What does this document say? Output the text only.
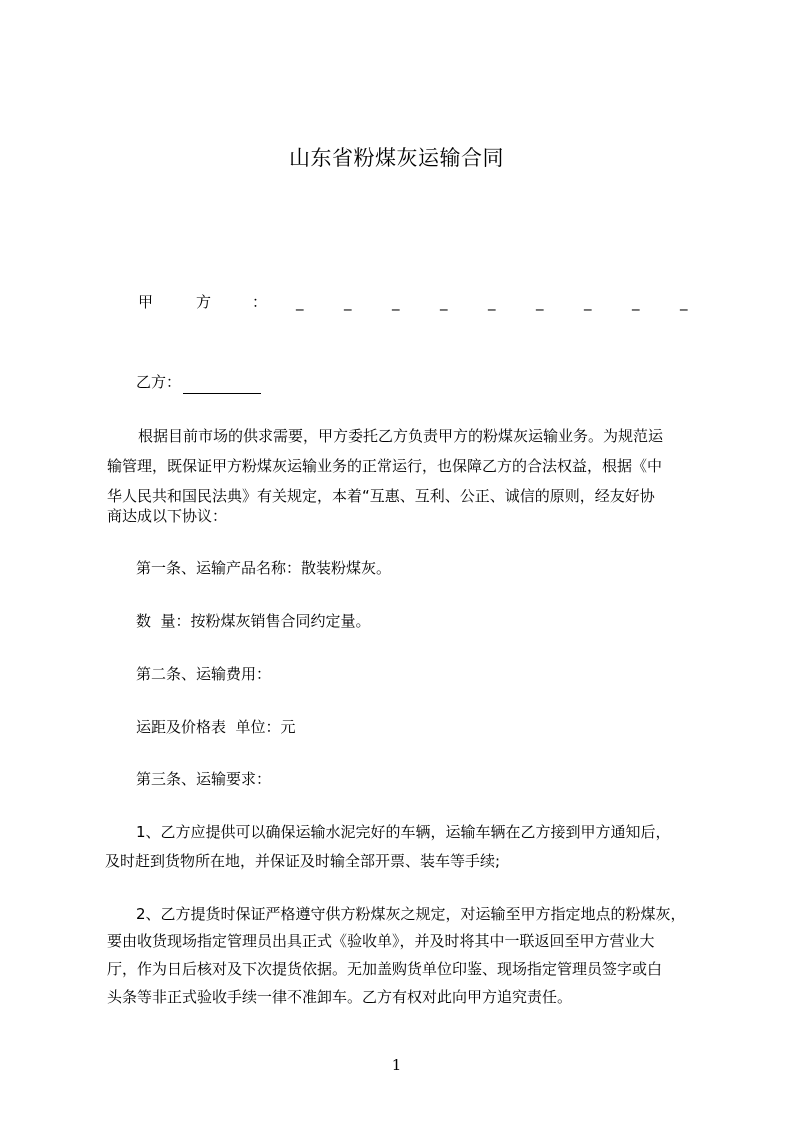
山东省粉煤灰运输合同
甲	方	： _	_	_	_	_	_	_	_	_
乙方：
根据目前市场的供求需要，甲方委托乙方负责甲方的粉煤灰运输业务。为规范运
输管理，既保证甲方粉煤灰运输业务的正常运行，也保障乙方的合法权益，根据《中
华人民共和国民法典》有关规定，本着“互惠、互利、公正、诚信的原则，经友好协
商达成以下协议：
第一条、运输产品名称：散装粉煤灰。
数  量：按粉煤灰销售合同约定量。
第二条、运输费用：
运距及价格表  单位：元
第三条、运输要求：
1、乙方应提供可以确保运输水泥完好的车辆，运输车辆在乙方接到甲方通知后，
及时赶到货物所在地，并保证及时输全部开票、装车等手续;
2、乙方提货时保证严格遵守供方粉煤灰之规定，对运输至甲方指定地点的粉煤灰，
要由收货现场指定管理员出具正式《验收单》，并及时将其中一联返回至甲方营业大
厅，作为日后核对及下次提货依据。无加盖购货单位印鉴、现场指定管理员签字或白
头条等非正式验收手续一律不准卸车。乙方有权对此向甲方追究责任。
1
